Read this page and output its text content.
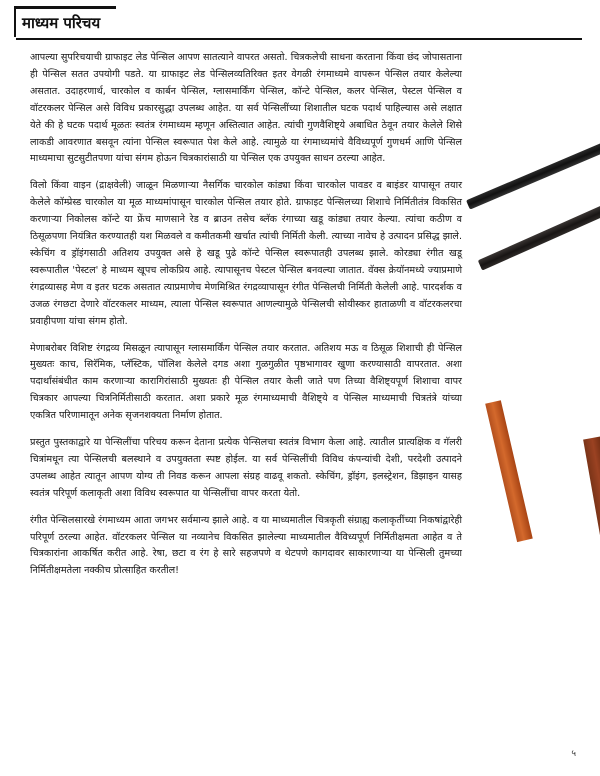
माध्यम परिचय

आपल्या सुपरिचयाची ग्राफाइट लेड पेन्सिल आपण सातत्याने वापरत असतो. चित्रकलेची साधना करताना किंवा छंद जोपासताना ही पेन्सिल सतत उपयोगी पडते. या ग्राफाइट लेड पेन्सिलव्यतिरिक्त इतर वेगळी रंगमाध्यमे वापरून पेन्सिल तयार केलेल्या असतात. उदाहरणार्थ, चारकोल व कार्बन पेन्सिल, ग्लासमार्किंग पेन्सिल, कॉन्टे पेन्सिल, कलर पेन्सिल, पेस्टल पेन्सिल व वॉटरकलर पेन्सिल असे विविध प्रकारसुद्धा उपलब्ध आहेत. या सर्व पेन्सिलींच्या शिशातील घटक पदार्थ पाहिल्यास असे लक्षात येते की हे घटक पदार्थ मूळतः स्वतंत्र रंगमाध्यम म्हणून अस्तित्वात आहेत. त्यांची गुणवैशिष्ट्ये अबाधित ठेवून तयार केलेले शिसे लाकडी आवरणात बसवून त्यांना पेन्सिल स्वरूपात पेश केले आहे. त्यामुळे या रंगमाध्यमांचे वैविध्यपूर्ण गुणधर्म आणि पेन्सिल माध्यमाचा सुटसुटीतपणा यांचा संगम होऊन चित्रकारांसाठी या पेन्सिल एक उपयुक्त साधन ठरल्या आहेत.

विलो किंवा वाइन (द्राक्षवेली) जाळून मिळणाऱ्या नैसर्गिक चारकोल कांड्या किंवा चारकोल पावडर व बाइंडर यापासून तयार केलेले कॉम्प्रेस्ड चारकोल या मूळ माध्यमांपासून चारकोल पेन्सिल तयार होते. ग्राफाइट पेन्सिलच्या शिशाचे निर्मितीतंत्र विकसित करणाऱ्या निकोलस कॉन्टे या फ्रेंच माणसाने रेड व ब्राउन तसेच ब्लॅक रंगाच्या खडू कांड्या तयार केल्या. त्यांचा कठीण व ठिसूळपणा नियंत्रित करण्यातही यश मिळवले व कमीतकमी खर्चात त्यांची निर्मिती केली. त्याच्या नावेच हे उत्पादन प्रसिद्ध झाले. स्केचिंग व ड्रॉइंगसाठी अतिशय उपयुक्त असे हे खडू पुढे कॉन्टे पेन्सिल स्वरूपातही उपलब्ध झाले. कोरड्या रंगीत खडू स्वरूपातील 'पेस्टल' हे माध्यम खूपच लोकप्रिय आहे. त्यापासूनच पेस्टल पेन्सिल बनवल्या जातात. वॅक्स क्रेयॉनमध्ये ज्याप्रमाणे रंगद्रव्यासह मेण व इतर घटक असतात त्याप्रमाणेच मेणमिश्रित रंगद्रव्यापासून रंगीत पेन्सिलची निर्मिती केलेली आहे. पारदर्शक व उजळ रंगछटा देणारे वॉटरकलर माध्यम, त्याला पेन्सिल स्वरूपात आणल्यामुळे पेन्सिलची सोयीस्कर हाताळणी व वॉटरकलरचा प्रवाहीपणा यांचा संगम होतो.

मेणाबरोबर विशिष्ट रंगद्रव्य मिसळून त्यापासून ग्लासमार्किंग पेन्सिल तयार करतात. अतिशय मऊ व ठिसूळ शिशाची ही पेन्सिल मुख्यतः काच, सिरॅमिक, प्लॅस्टिक, पॉलिश केलेले दगड अशा गुळगुळीत पृष्ठभागावर खुणा करण्यासाठी वापरतात. अशा पदार्थांसंबंधीत काम करणाऱ्या कारागिरांसाठी मुख्यतः ही पेन्सिल तयार केली जाते पण तिच्या वैशिष्ट्यपूर्ण शिशाचा वापर चित्रकार आपल्या चित्रनिर्मितीसाठी करतात. अशा प्रकारे मूळ रंगमाध्यमाची वैशिष्ट्ये व पेन्सिल माध्यमाची चित्रतंत्रे यांच्या एकत्रित परिणामातून अनेक सृजनशक्यता निर्माण होतात.

प्रस्तुत पुस्तकाद्वारे या पेन्सिलींचा परिचय करून देताना प्रत्येक पेन्सिलचा स्वतंत्र विभाग केला आहे. त्यातील प्रात्यक्षिक व गॅलरी चित्रांमधून त्या पेन्सिलची बलस्थाने व उपयुक्तता स्पष्ट होईल. या सर्व पेन्सिलींची विविध कंपन्यांची देशी, परदेशी उत्पादने उपलब्ध आहेत त्यातून आपण योग्य ती निवड करून आपला संग्रह वाढवू शकतो. स्केचिंग, ड्रॉइंग, इलस्ट्रेशन, डिझाइन यासह स्वतंत्र परिपूर्ण कलाकृती अशा विविध स्वरूपात या पेन्सिलींचा वापर करता येतो.

रंगीत पेन्सिलसारखे रंगमाध्यम आता जगभर सर्वमान्य झाले आहे. व या माध्यमातील चित्रकृती संग्राह्य कलाकृतींच्या निकषांद्वारेही परिपूर्ण ठरल्या आहेत. वॉटरकलर पेन्सिल या नव्यानेच विकसित झालेल्या माध्यमातील वैविध्यपूर्ण निर्मितीक्षमता आहेत व ते चित्रकारांना आकर्षित करीत आहे. रेषा, छटा व रंग हे सारे सहजपणे व थेटपणे कागदावर साकारणाऱ्या या पेन्सिली तुमच्या निर्मितीक्षमतेला नक्कीच प्रोत्साहित करतील!

५
